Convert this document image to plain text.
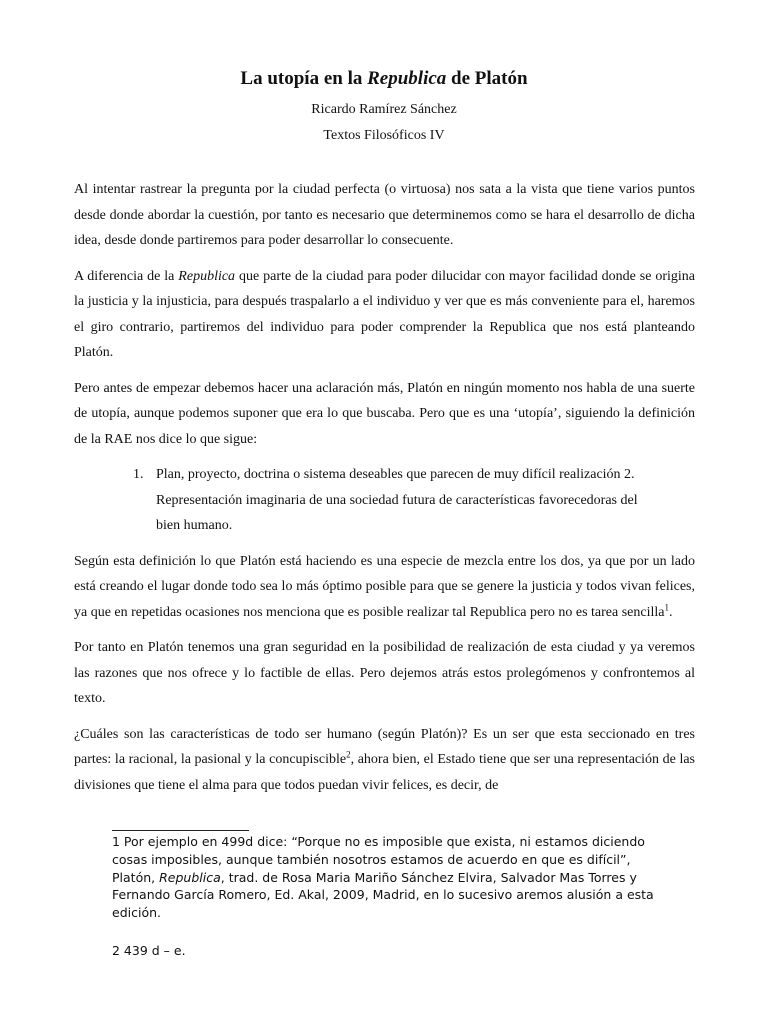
La utopía en la Republica de Platón
Ricardo Ramírez Sánchez
Textos Filosóficos IV

Al intentar rastrear la pregunta por la ciudad perfecta (o virtuosa) nos sata a la vista que tiene varios puntos desde donde abordar la cuestión, por tanto es necesario que determinemos como se hara el desarrollo de dicha idea, desde donde partiremos para poder desarrollar lo consecuente.

A diferencia de la Republica que parte de la ciudad para poder dilucidar con mayor facilidad donde se origina la justicia y la injusticia, para después traspalarlo a el individuo y ver que es más conveniente para el, haremos el giro contrario, partiremos del individuo para poder comprender la Republica que nos está planteando Platón.

Pero antes de empezar debemos hacer una aclaración más, Platón en ningún momento nos habla de una suerte de utopía, aunque podemos suponer que era lo que buscaba. Pero que es una ‘utopía’, siguiendo la definición de la RAE nos dice lo que sigue:

1. Plan, proyecto, doctrina o sistema deseables que parecen de muy difícil realización 2. Representación imaginaria de una sociedad futura de características favorecedoras del bien humano.

Según esta definición lo que Platón está haciendo es una especie de mezcla entre los dos, ya que por un lado está creando el lugar donde todo sea lo más óptimo posible para que se genere la justicia y todos vivan felices, ya que en repetidas ocasiones nos menciona que es posible realizar tal Republica pero no es tarea sencilla$^1$.

Por tanto en Platón tenemos una gran seguridad en la posibilidad de realización de esta ciudad y ya veremos las razones que nos ofrece y lo factible de ellas. Pero dejemos atrás estos prolegómenos y confrontemos al texto.

¿Cuáles son las características de todo ser humano (según Platón)? Es un ser que esta seccionado en tres partes: la racional, la pasional y la concupiscible$^2$, ahora bien, el Estado tiene que ser una representación de las divisiones que tiene el alma para que todos puedan vivir felices, es decir, de

1 Por ejemplo en 499d dice: “Porque no es imposible que exista, ni estamos diciendo cosas imposibles, aunque también nosotros estamos de acuerdo en que es difícil”, Platón, Republica, trad. de Rosa Maria Mariño Sánchez Elvira, Salvador Mas Torres y Fernando García Romero, Ed. Akal, 2009, Madrid, en lo sucesivo aremos alusión a esta edición.

2 439 d – e.
